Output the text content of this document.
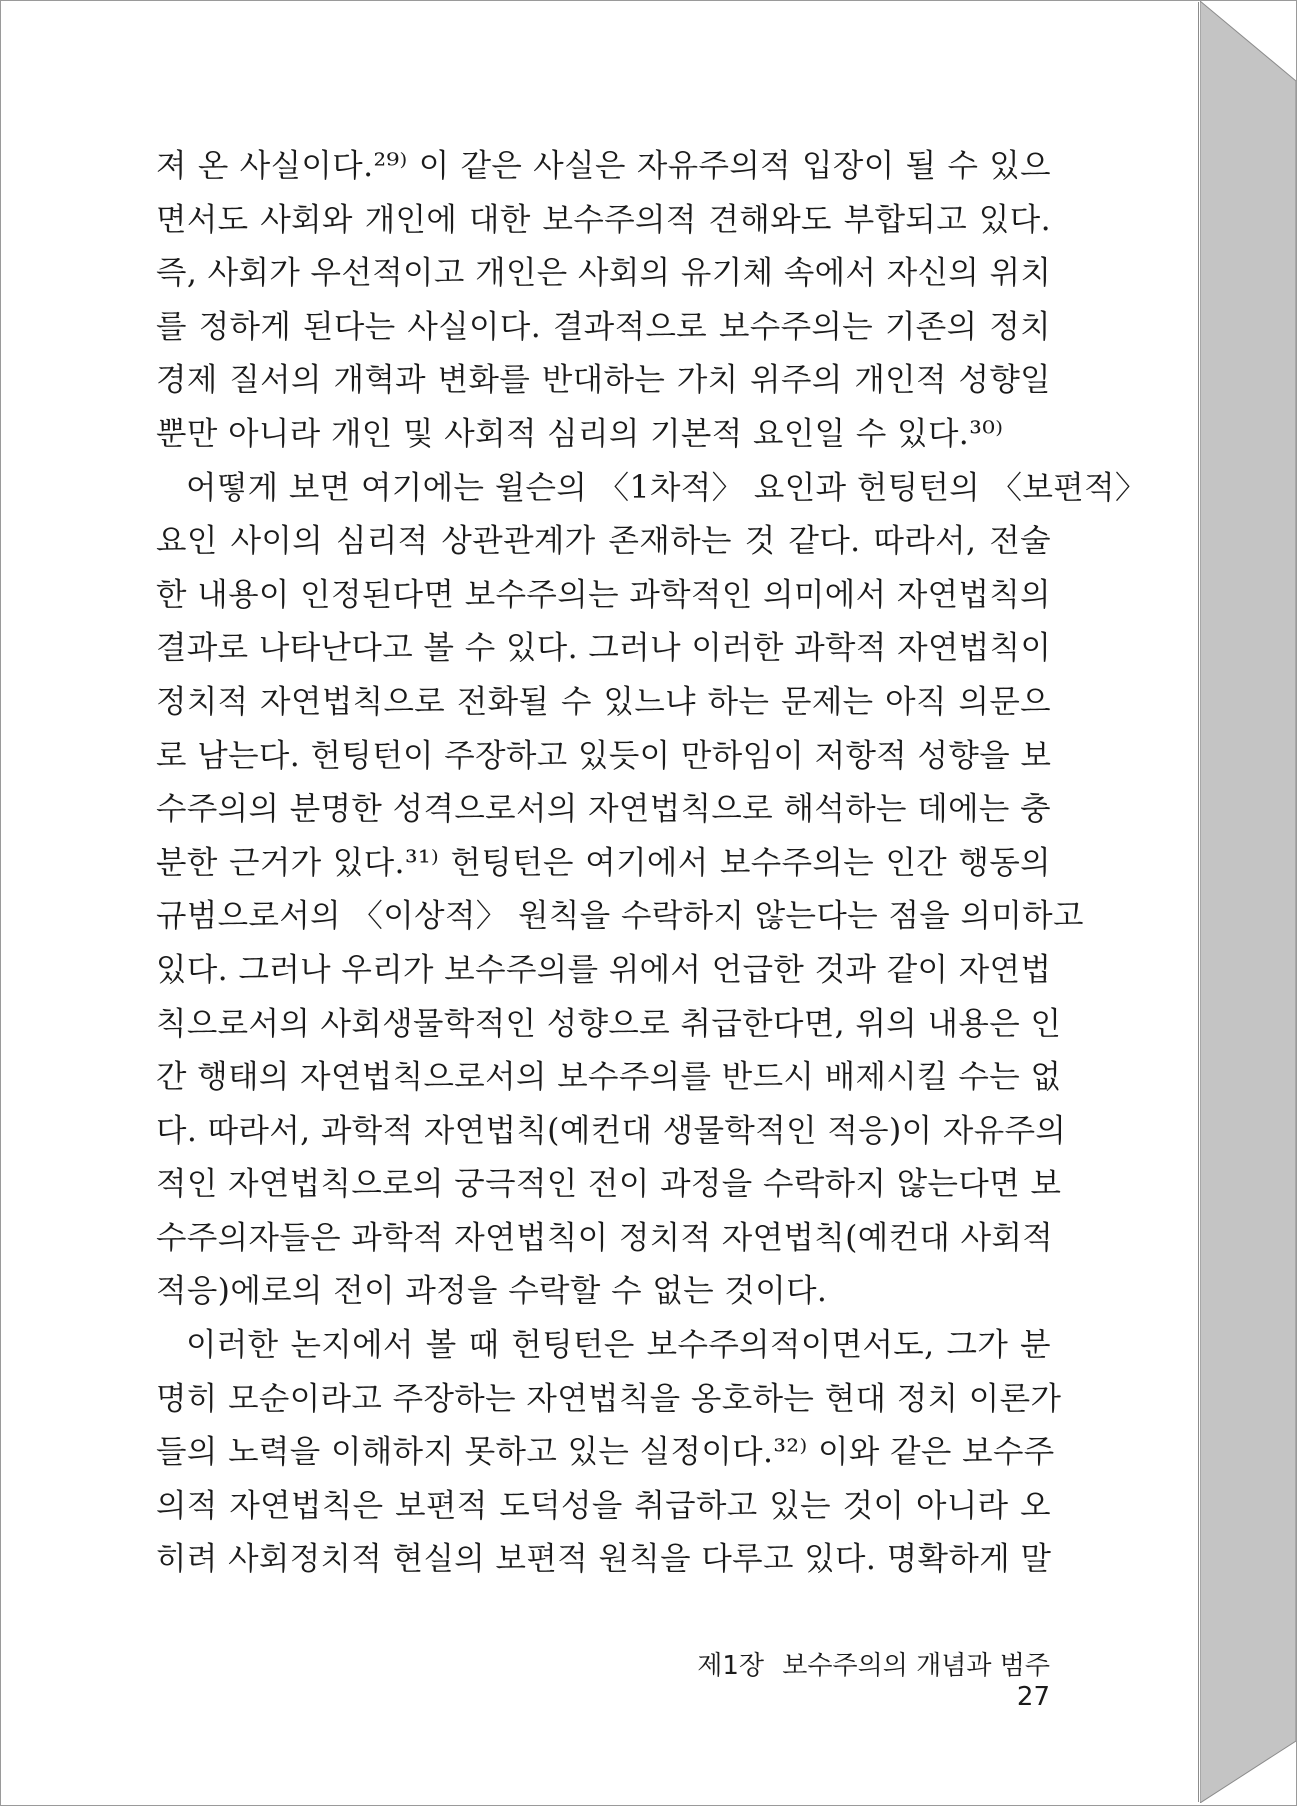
져 온 사실이다.²⁹⁾ 이 같은 사실은 자유주의적 입장이 될 수 있으
면서도 사회와 개인에 대한 보수주의적 견해와도 부합되고 있다.
즉, 사회가 우선적이고 개인은 사회의 유기체 속에서 자신의 위치
를 정하게 된다는 사실이다. 결과적으로 보수주의는 기존의 정치
경제 질서의 개혁과 변화를 반대하는 가치 위주의 개인적 성향일
뿐만 아니라 개인 및 사회적 심리의 기본적 요인일 수 있다.³⁰⁾
어떻게 보면 여기에는 윌슨의 〈1차적〉 요인과 헌팅턴의 〈보편적〉
요인 사이의 심리적 상관관계가 존재하는 것 같다. 따라서, 전술
한 내용이 인정된다면 보수주의는 과학적인 의미에서 자연법칙의
결과로 나타난다고 볼 수 있다. 그러나 이러한 과학적 자연법칙이
정치적 자연법칙으로 전화될 수 있느냐 하는 문제는 아직 의문으
로 남는다. 헌팅턴이 주장하고 있듯이 만하임이 저항적 성향을 보
수주의의 분명한 성격으로서의 자연법칙으로 해석하는 데에는 충
분한 근거가 있다.³¹⁾ 헌팅턴은 여기에서 보수주의는 인간 행동의
규범으로서의 〈이상적〉 원칙을 수락하지 않는다는 점을 의미하고
있다. 그러나 우리가 보수주의를 위에서 언급한 것과 같이 자연법
칙으로서의 사회생물학적인 성향으로 취급한다면, 위의 내용은 인
간 행태의 자연법칙으로서의 보수주의를 반드시 배제시킬 수는 없
다. 따라서, 과학적 자연법칙(예컨대 생물학적인 적응)이 자유주의
적인 자연법칙으로의 궁극적인 전이 과정을 수락하지 않는다면 보
수주의자들은 과학적 자연법칙이 정치적 자연법칙(예컨대 사회적
적응)에로의 전이 과정을 수락할 수 없는 것이다.
이러한 논지에서 볼 때 헌팅턴은 보수주의적이면서도, 그가 분
명히 모순이라고 주장하는 자연법칙을 옹호하는 현대 정치 이론가
들의 노력을 이해하지 못하고 있는 실정이다.³²⁾ 이와 같은 보수주
의적 자연법칙은 보편적 도덕성을 취급하고 있는 것이 아니라 오
히려 사회정치적 현실의 보편적 원칙을 다루고 있다. 명확하게 말
제1장 보수주의의 개념과 범주 27
